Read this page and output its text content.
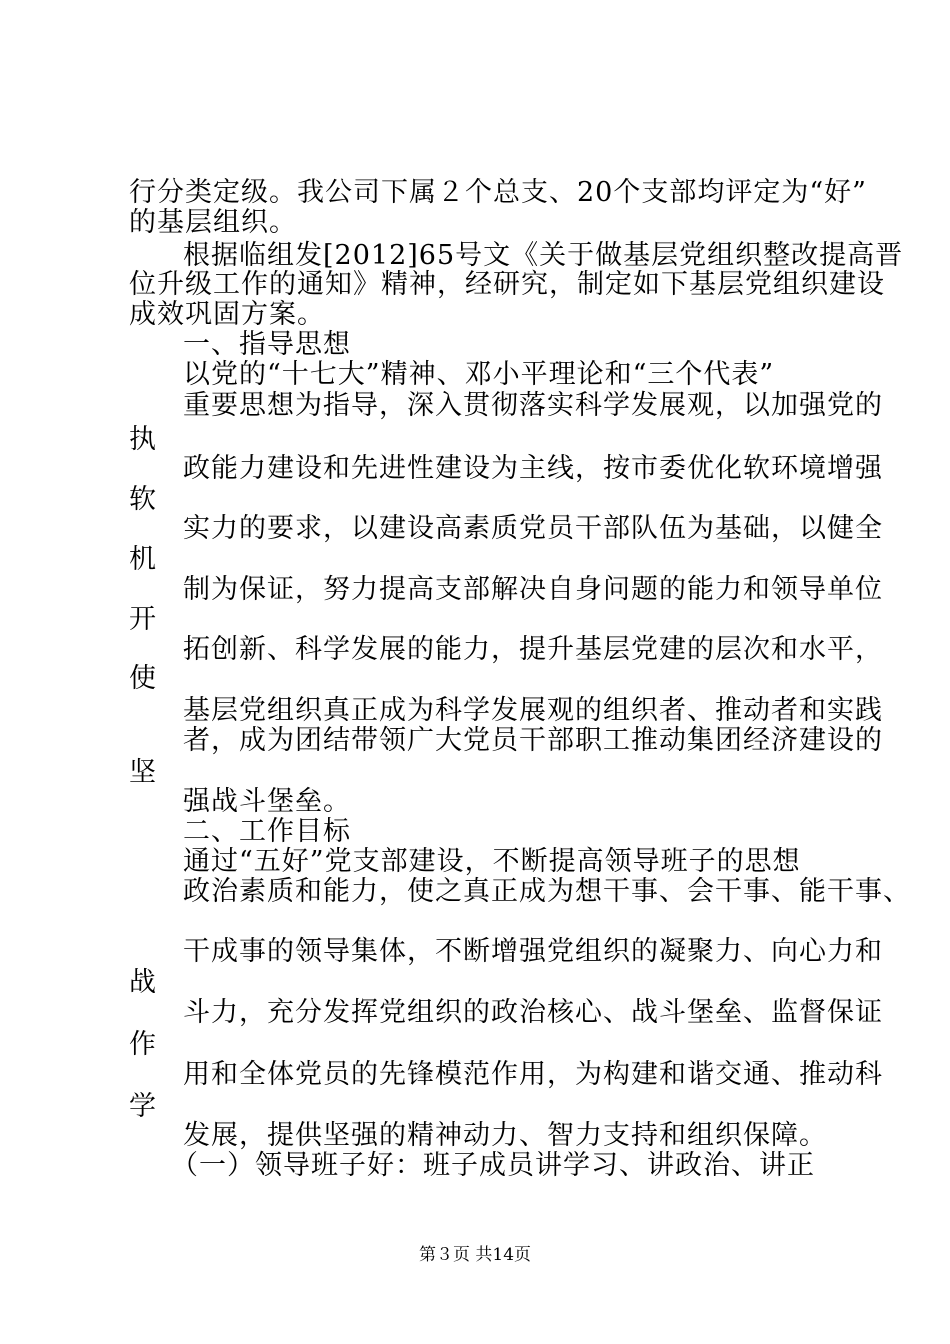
行分类定级。我公司下属２个总支、20个支部均评定为“好”
的基层组织。
根据临组发[2012]65号文《关于做基层党组织整改提高晋
位升级工作的通知》精神，经研究，制定如下基层党组织建设
成效巩固方案。
一、指导思想
以党的“十七大”精神、邓小平理论和“三个代表”
重要思想为指导，深入贯彻落实科学发展观，以加强党的
执
政能力建设和先进性建设为主线，按市委优化软环境增强
软
实力的要求，以建设高素质党员干部队伍为基础，以健全
机
制为保证，努力提高支部解决自身问题的能力和领导单位
开
拓创新、科学发展的能力，提升基层党建的层次和水平，
使
基层党组织真正成为科学发展观的组织者、推动者和实践
者，成为团结带领广大党员干部职工推动集团经济建设的
坚
强战斗堡垒。
二、工作目标
通过“五好”党支部建设，不断提高领导班子的思想
政治素质和能力，使之真正成为想干事、会干事、能干事、
干成事的领导集体，不断增强党组织的凝聚力、向心力和
战
斗力，充分发挥党组织的政治核心、战斗堡垒、监督保证
作
用和全体党员的先锋模范作用，为构建和谐交通、推动科
学
发展，提供坚强的精神动力、智力支持和组织保障。
（一）领导班子好：班子成员讲学习、讲政治、讲正
第３页 共14页
